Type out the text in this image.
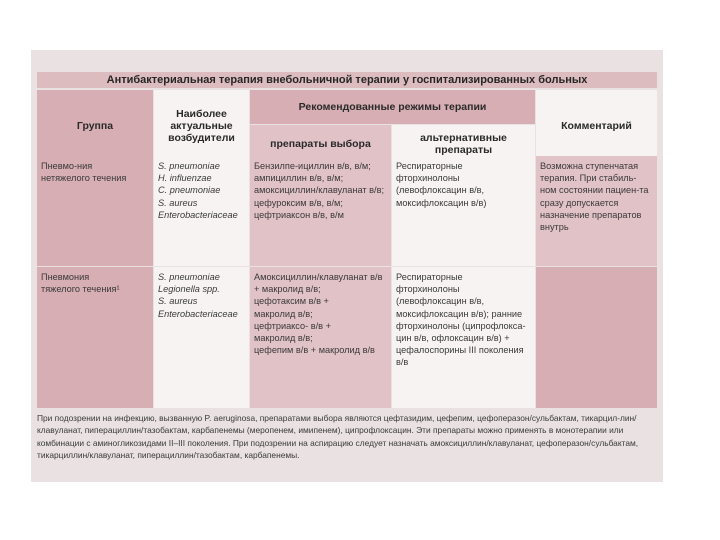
Антибактериальная терапия внебольничной терапии у госпитализированных больных
Группа
Наиболее актуальные возбудители
Рекомендованные режимы терапии
препараты выбора	альтернативные препараты
Комментарий
Пневмо-ния
нетяжелого течения
S. pneumoniae
H. influenzae
C. pneumoniae
S. aureus
Enterobacteriaceae
Бензилпе-ициллин в/в, в/м;
ампициллин в/в, в/м;
амоксициллин/клавуланат в/в;
цефуроксим в/в, в/м;
цефтриаксон в/в, в/м
Респираторные
фторхинолоны
(левофлоксацин в/в,
моксифлоксацин в/в)
Возможна ступенчатая
терапия. При стабиль-
ном состоянии пациен-та
сразу допускается
назначение препаратов
внутрь
Пневмония
тяжелого течения¹
S. pneumoniae
Legionella spp.
S. aureus
Enterobacteriaceae
Амоксициллин/клавуланат в/в
+ макролид в/в;
цефотаксим в/в +
макролид в/в;
цефтриаксо- в/в +
макролид в/в;
цефепим в/в + макролид в/в
Респираторные
фторхинолоны
(левофлоксацин в/в,
моксифлоксацин в/в); ранние
фторхинолоны (ципрофлокса-
цин в/в, офлоксацин в/в) +
цефалоспорины III поколения
в/в
При подозрении на инфекцию, вызванную P. aeruginosa, препаратами выбора являются цефтазидим, цефепим, цефоперазон/сульбактам, тикарцил-лин/клавуланат, пиперациллин/тазобактам, карбапенемы (меропенем, имипенем), ципрофлоксацин. Эти препараты можно применять в монотерапии или комбинации с аминогликозидами II–III поколения. При подозрении на аспирацию следует назначать амоксициллин/клавуланат, цефоперазон/сульбактам, тикарциллин/клавуланат, пиперациллин/тазобактам, карбапенемы.
